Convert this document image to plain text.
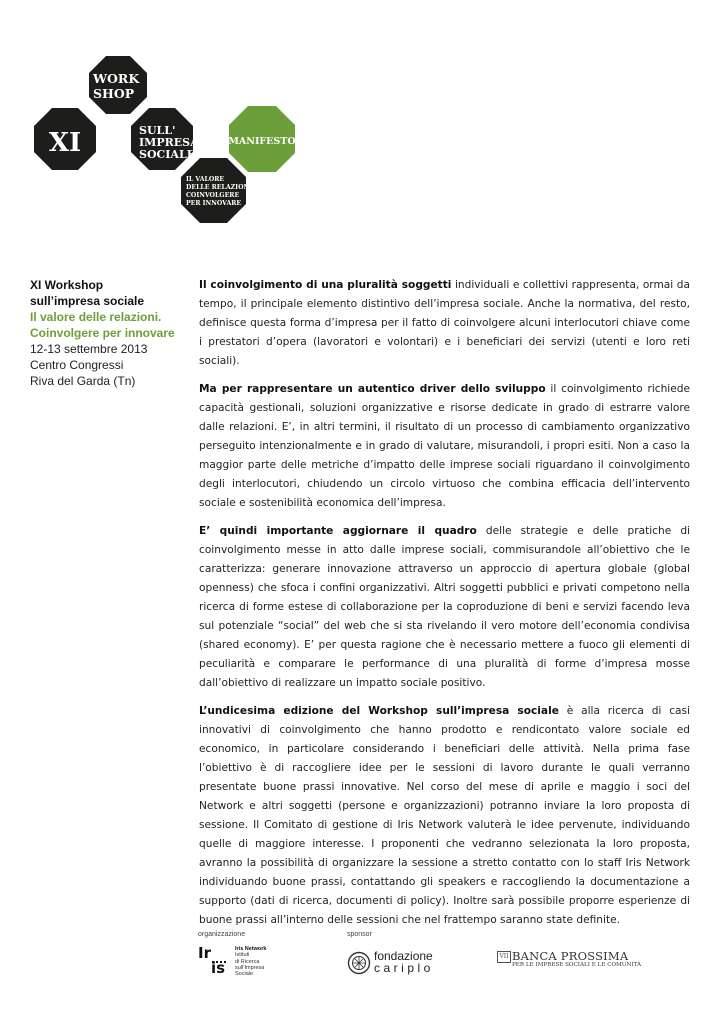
WORK
SHOP
XI	SULL'
IMPRESA
SOCIALE
MANIFESTO
IL VALORE
DELLE RELAZIONI.
COINVOLGERE
PER INNOVARE
XI Workshop
sull’impresa sociale
Il valore delle relazioni.
Coinvolgere per innovare
12-13 settembre 2013
Centro Congressi
Riva del Garda (Tn)

Il coinvolgimento di una pluralità soggetti individuali e collettivi rappresenta, ormai da tempo, il principale elemento distintivo dell’impresa sociale. Anche la normativa, del resto, definisce questa forma d’impresa per il fatto di coinvolgere alcuni interlocutori chiave come i prestatori d’opera (lavoratori e volontari) e i beneficiari dei servizi (utenti e loro reti sociali).

Ma per rappresentare un autentico driver dello sviluppo il coinvolgimento richiede capacità gestionali, soluzioni organizzative e risorse dedicate in grado di estrarre valore dalle relazioni. E’, in altri termini, il risultato di un processo di cambiamento organizzativo perseguito intenzionalmente e in grado di valutare, misurandoli, i propri esiti. Non a caso la maggior parte delle metriche d’impatto delle imprese sociali riguardano il coinvolgimento degli interlocutori, chiudendo un circolo virtuoso che combina efficacia dell’intervento sociale e sostenibilità economica dell’impresa.

E’ quindi importante aggiornare il quadro delle strategie e delle pratiche di coinvolgimento messe in atto dalle imprese sociali, commisurandole all’obiettivo che le caratterizza: generare innovazione attraverso un approccio di apertura globale (global openness) che sfoca i confini organizzativi. Altri soggetti pubblici e privati competono nella ricerca di forme estese di collaborazione per la coproduzione di beni e servizi facendo leva sul potenziale “social” del web che si sta rivelando il vero motore dell’economia condivisa (shared economy). E’ per questa ragione che è necessario mettere a fuoco gli elementi di peculiarità e comparare le performance di una pluralità di forme d’impresa mosse dall’obiettivo di realizzare un impatto sociale positivo.

L’undicesima edizione del Workshop sull’impresa sociale è alla ricerca di casi innovativi di coinvolgimento che hanno prodotto e rendicontato valore sociale ed economico, in particolare considerando i beneficiari delle attività. Nella prima fase l’obiettivo è di raccogliere idee per le sessioni di lavoro durante le quali verranno presentate buone prassi innovative. Nel corso del mese di aprile e maggio i soci del Network e altri soggetti (persone e organizzazioni) potranno inviare la loro proposta di sessione. Il Comitato di gestione di Iris Network valuterà le idee pervenute, individuando quelle di maggiore interesse. I proponenti che vedranno selezionata la loro proposta, avranno la possibilità di organizzare la sessione a stretto contatto con lo staff Iris Network individuando buone prassi, contattando gli speakers e raccogliendo la documentazione a supporto (dati di ricerca, documenti di policy). Inoltre sarà possibile proporre esperienze di buone prassi all’interno delle sessioni che nel frattempo saranno state definite.

organizzazione	sponsor
Ir
is
Iris Network
Istituti
di Ricerca
sull’Impresa
Sociale
fondazione
cariplo
VII BANCA PROSSIMA
PER LE IMPRESE SOCIALI E LE COMUNITÀ
